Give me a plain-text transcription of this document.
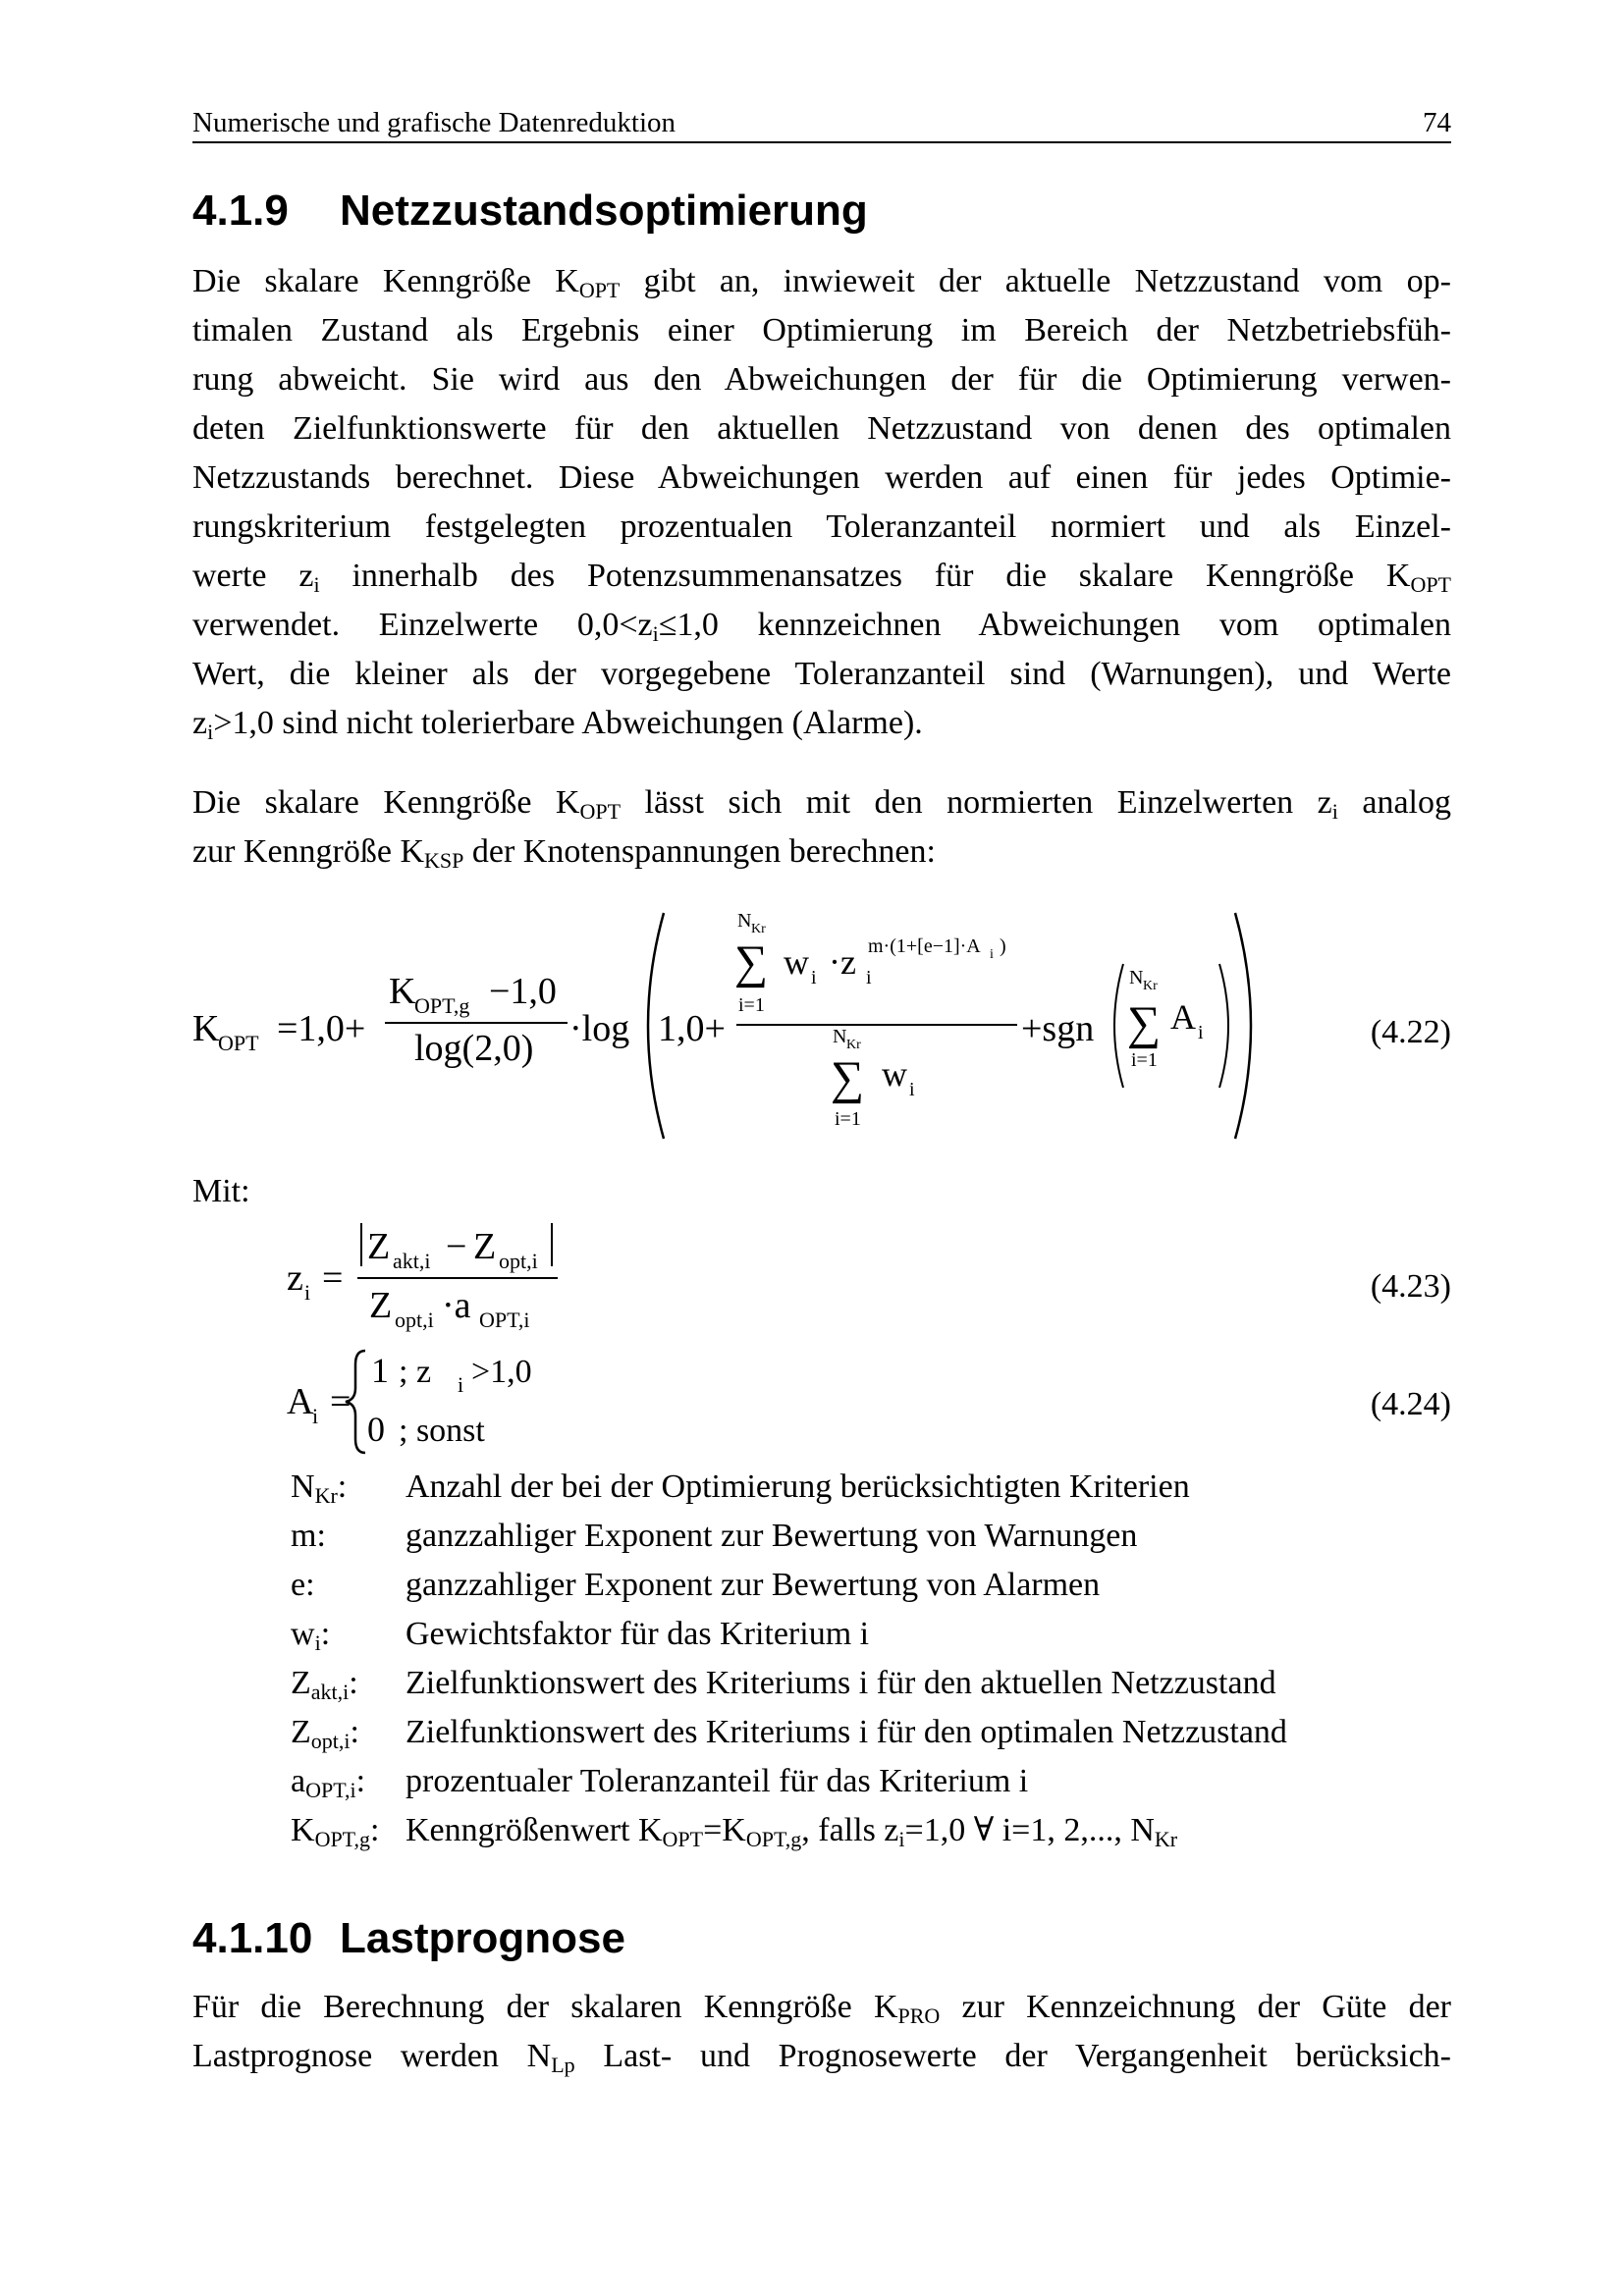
Numerische und grafische Datenreduktion	74
4.1.9 Netzzustandsoptimierung
Die skalare Kenngröße $K_{OPT}$ gibt an, inwieweit der aktuelle Netzzustand vom op-
timalen Zustand als Ergebnis einer Optimierung im Bereich der Netzbetriebsfüh-
rung abweicht. Sie wird aus den Abweichungen der für die Optimierung verwen-
deten Zielfunktionswerte für den aktuellen Netzzustand von denen des optimalen
Netzzustands berechnet. Diese Abweichungen werden auf einen für jedes Optimie-
rungskriterium festgelegten prozentualen Toleranzanteil normiert und als Einzel-
werte $z_i$ innerhalb des Potenzsummenansatzes für die skalare Kenngröße $K_{OPT}$
verwendet. Einzelwerte $0,0<z_i\le 1,0$ kennzeichnen Abweichungen vom optimalen
Wert, die kleiner als der vorgegebene Toleranzanteil sind (Warnungen), und Werte
$z_i>1,0$ sind nicht tolerierbare Abweichungen (Alarme).
Die skalare Kenngröße $K_{OPT}$ lässt sich mit den normierten Einzelwerten $z_i$ analog
zur Kenngröße $K_{KSP}$ der Knotenspannungen berechnen:
K
OPT =1,0+
K
OPT,g −1,0
log(2,0) ·log 1,0+
N Kr
∑
i=1
w i ·z m·(1+[e−1]·A i )
i
N Kr
∑
i=1
w i
+sgn
N Kr
∑
i=1
A i	(4.22)
Mit:
z i =
Z akt,i − Z opt,i
Z opt,i ·a OPT,i
(4.23)
A
i =
1 ; z i >1,0
0 ; sonst
(4.24)
$N_{Kr}$:	Anzahl der bei der Optimierung berücksichtigten Kriterien
m:	ganzzahliger Exponent zur Bewertung von Warnungen
e:	ganzzahliger Exponent zur Bewertung von Alarmen
$w_i$:	Gewichtsfaktor für das Kriterium i
$Z_{akt,i}$:	Zielfunktionswert des Kriteriums i für den aktuellen Netzzustand
$Z_{opt,i}$:	Zielfunktionswert des Kriteriums i für den optimalen Netzzustand
$a_{OPT,i}$:	prozentualer Toleranzanteil für das Kriterium i
$K_{OPT,g}$: Kenngrößenwert $K_{OPT}=K_{OPT,g}$, falls $z_i=1,0$ ∀ i=1, 2,..., $N_{Kr}$
4.1.10 Lastprognose
Für die Berechnung der skalaren Kenngröße $K_{PRO}$ zur Kennzeichnung der Güte der
Lastprognose werden $N_{Lp}$ Last- und Prognosewerte der Vergangenheit berücksich-
